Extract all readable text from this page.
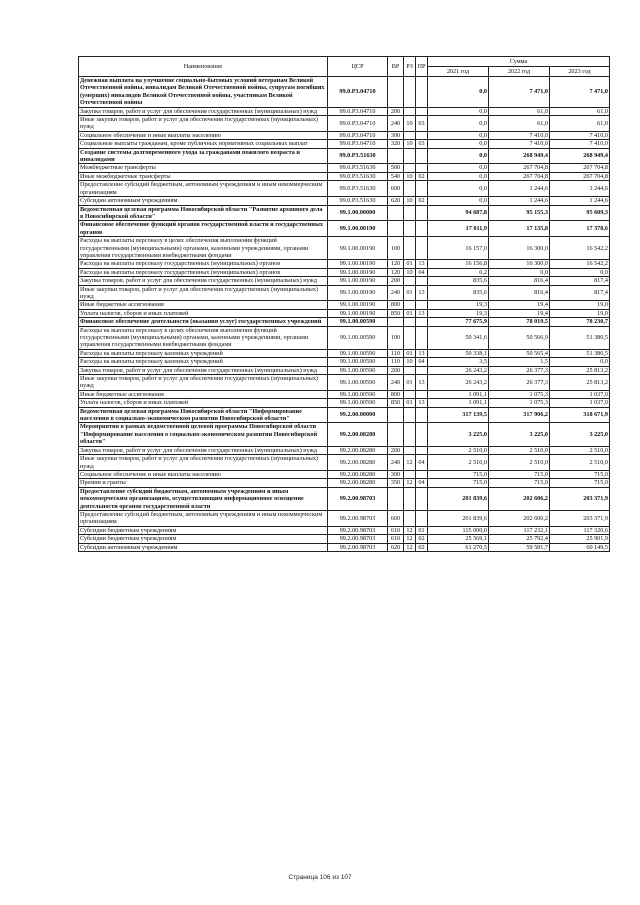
Наименование	ЦСР	ВР	РЗ	ПР	Сумма		
					2021 год	2022 год	2023 год
Денежная выплата на улучшение социально-бытовых условий ветеранам Великой Отечественной войны, инвалидам Великой Отечественной войны, супругам погибших (умерших) инвалидов Великой Отечественной войны, участникам Великой Отечественной войны	99.0.Р3.04710				0,0	7 471,0	7 471,0
Закупка товаров, работ и услуг для обеспечения государственных (муниципальных) нужд	99.0.Р3.04710	200			0,0	61,0	61,0
Иные закупки товаров, работ и услуг для обеспечения государственных (муниципальных) нужд	99.0.Р3.04710	240	10	03	0,0	61,0	61,0
Социальное обеспечение и иные выплаты населению	99.0.Р3.04710	300			0,0	7 410,0	7 410,0
Социальные выплаты гражданам, кроме публичных нормативных социальных выплат	99.0.Р3.04710	320	10	03	0,0	7 410,0	7 410,0
Создание системы долговременного ухода за гражданами пожилого возраста и инвалидами	99.0.Р3.51630				0,0	268 949,4	268 949,4
Межбюджетные трансферты	99.0.Р3.51630	500			0,0	267 704,8	267 704,8
Иные межбюджетные трансферты	99.0.Р3.51630	540	10	02	0,0	267 704,8	267 704,8
Предоставление субсидий бюджетным, автономным учреждениям и иным некоммерческим организациям	99.0.Р3.51630	600			0,0	1 244,6	1 244,6
Субсидии автономным учреждениям	99.0.Р3.51630	620	10	02	0,0	1 244,6	1 244,6
Ведомственная целевая программа Новосибирской области "Развитие архивного дела в Новосибирской области"	99.1.00.00000				94 687,8	95 155,3	95 609,3
Финансовое обеспечение функций органов государственной власти и государственных органов	99.1.00.00190				17 011,9	17 135,8	17 378,6
Расходы на выплаты персоналу в целях обеспечения выполнения функций государственными (муниципальными) органами, казенными учреждениями, органами управления государственными внебюджетными фондами	99.1.00.00190	100			16 157,0	16 300,0	16 542,2
Расходы на выплаты персоналу государственных (муниципальных) органов	99.1.00.00190	120	01	13	16 156,8	16 300,0	16 542,2
Расходы на выплаты персоналу государственных (муниципальных) органов	99.1.00.00190	120	10	04	0,2	0,0	0,0
Закупка товаров, работ и услуг для обеспечения государственных (муниципальных) нужд	99.1.00.00190	200			835,6	816,4	817,4
Иные закупки товаров, работ и услуг для обеспечения государственных (муниципальных) нужд	99.1.00.00190	240	01	13	835,6	816,4	817,4
Иные бюджетные ассигнования	99.1.00.00190	800			19,3	19,4	19,0
Уплата налогов, сборов и иных платежей	99.1.00.00190	850	01	13	19,3	19,4	19,0
Финансовое обеспечение деятельности (оказания услуг) государственных учреждений	99.1.00.00590				77 675,9	78 019,5	78 230,7
Расходы на выплаты персоналу в целях обеспечения выполнения функций государственными (муниципальными) органами, казенными учреждениями, органами управления государственными внебюджетными фондами	99.1.00.00590	100			50 341,6	50 566,9	51 380,5
Расходы на выплаты персоналу казенных учреждений	99.1.00.00590	110	01	13	50 338,1	50 565,4	51 380,5
Расходы на выплаты персоналу казенных учреждений	99.1.00.00590	110	10	04	3,5	1,5	0,0
Закупка товаров, работ и услуг для обеспечения государственных (муниципальных) нужд	99.1.00.00590	200			26 243,2	26 377,3	25 813,2
Иные закупки товаров, работ и услуг для обеспечения государственных (муниципальных) нужд	99.1.00.00590	240	01	13	26 243,2	26 377,3	25 813,2
Иные бюджетные ассигнования	99.1.00.00590	800			1 091,1	1 075,3	1 037,0
Уплата налогов, сборов и иных платежей	99.1.00.00590	850	01	13	1 091,1	1 075,3	1 037,0
Ведомственная целевая программа Новосибирской области "Информирование населения в социально-экономическом развитии Новосибирской области"	99.2.00.00000				317 139,5	317 906,2	318 671,9
Мероприятия в рамках ведомственной целевой программы Новосибирской области "Информирование населения о социально-экономическом развитии Новосибирской области"	99.2.00.08280				3 225,0	3 225,0	3 225,0
Закупка товаров, работ и услуг для обеспечения государственных (муниципальных) нужд	99.2.00.08280	200			2 510,0	2 510,0	2 510,0
Иные закупки товаров, работ и услуг для обеспечения государственных (муниципальных) нужд	99.2.00.08280	240	12	04	2 510,0	2 510,0	2 510,0
Социальное обеспечение и иные выплаты населению	99.2.00.08280	300			715,0	715,0	715,0
Премии и гранты	99.2.00.08280	350	12	04	715,0	715,0	715,0
Предоставление субсидий бюджетным, автономным учреждениям и иным некоммерческим организациям, осуществляющим информационное освещение деятельности органов государственной власти	99.2.00.98703				201 839,6	202 606,2	203 371,9
Предоставление субсидий бюджетным, автономным учреждениям и иным некоммерческим организациям	99.2.00.98703	600			201 839,6	202 606,2	203 371,9
Субсидии бюджетным учреждениям	99.2.00.98703	610	12	01	115 000,0	117 232,1	117 320,6
Субсидии бюджетным учреждениям	99.2.00.98703	610	12	02	25 569,1	25 792,4	25 901,9
Субсидии автономным учреждениям	99.2.00.98703	620	12	02	61 270,5	59 581,7	60 149,5
Страница 106 из 107
